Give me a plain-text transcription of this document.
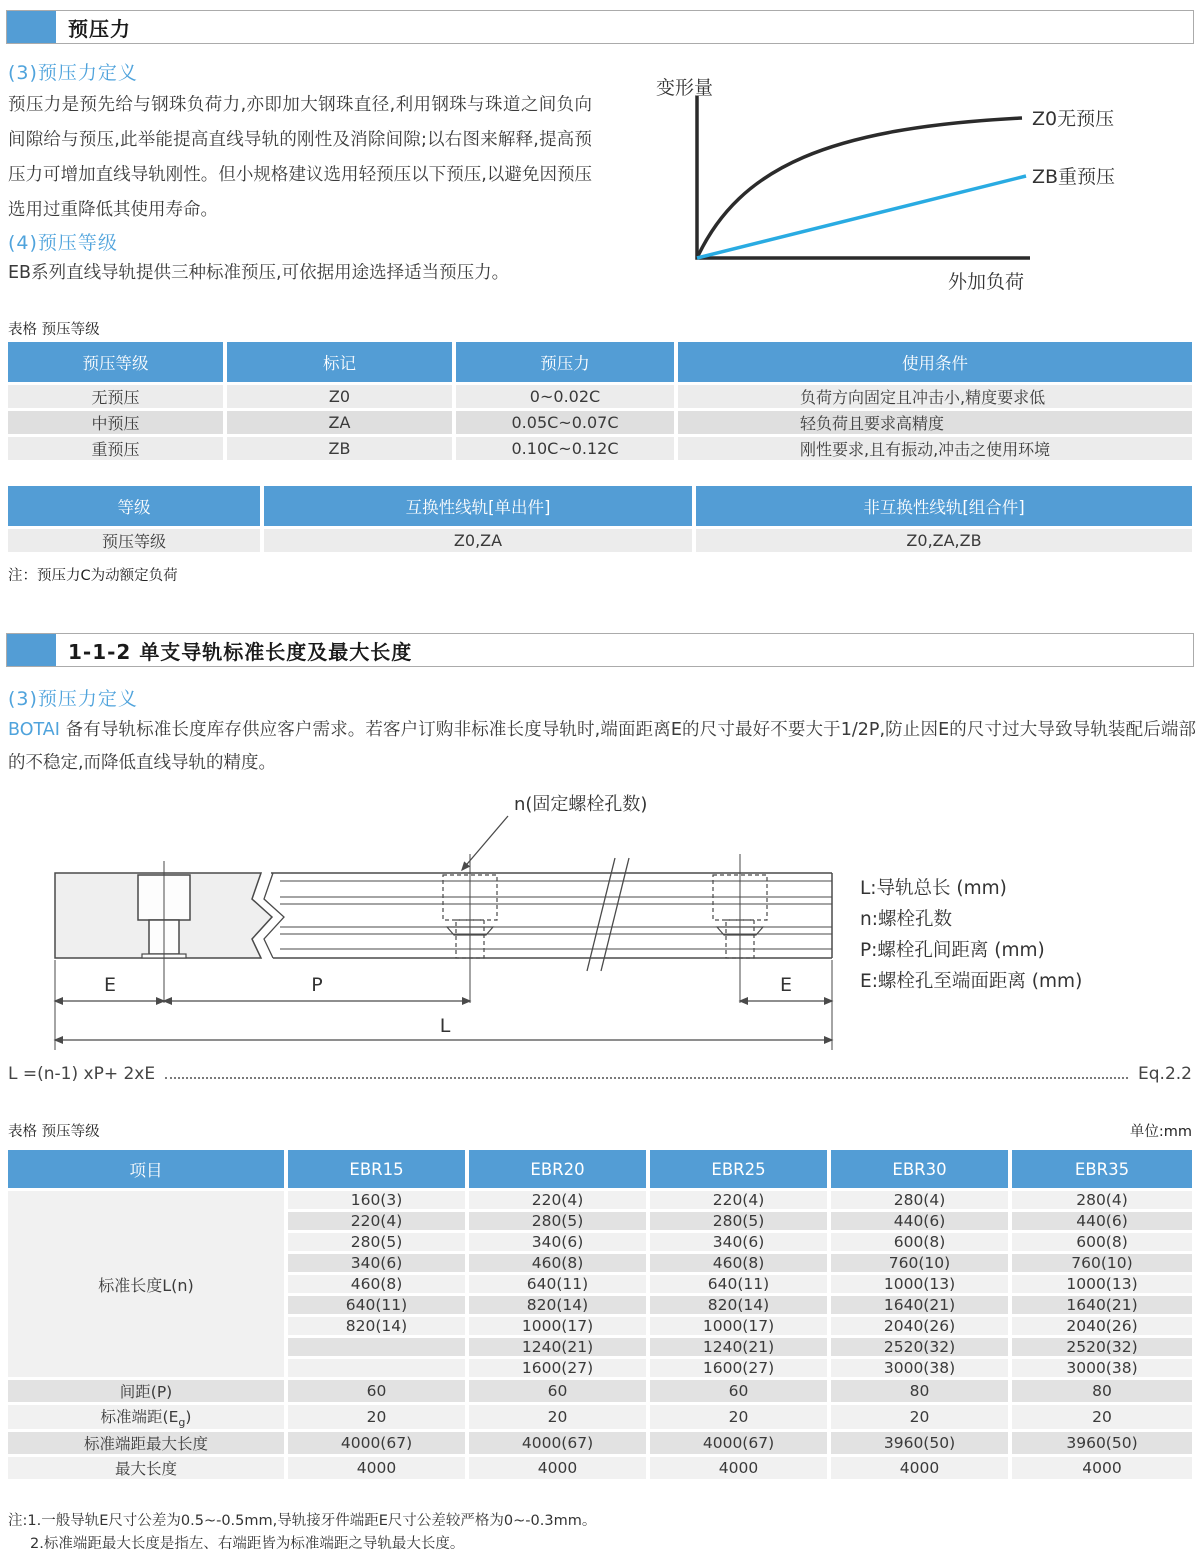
预压力
(3)预压力定义
预压力是预先给与钢珠负荷力,亦即加大钢珠直径,利用钢珠与珠道之间负向间隙给与预压,此举能提高直线导轨的刚性及消除间隙;以右图来解释,提高预压力可增加直线导轨刚性。但小规格建议选用轻预压以下预压,以避免因预压选用过重降低其使用寿命。
(4)预压等级
EB系列直线导轨提供三种标准预压,可依据用途选择适当预压力。
变形量
Z0无预压
ZB重预压
外加负荷
表格 预压等级
预压等级	标记	预压力	使用条件
无预压	Z0	0~0.02C	负荷方向固定且冲击小,精度要求低
中预压	ZA	0.05C~0.07C	轻负荷且要求高精度
重预压	ZB	0.10C~0.12C	刚性要求,且有振动,冲击之使用环境
等级	互换性线轨[单出件]	非互换性线轨[组合件]
预压等级	Z0,ZA	Z0,ZA,ZB
注：预压力C为动额定负荷
1-1-2 单支导轨标准长度及最大长度
(3)预压力定义
BOTAI 备有导轨标准长度库存供应客户需求。若客户订购非标准长度导轨时,端面距离E的尺寸最好不要大于1/2P,防止因E的尺寸过大导致导轨装配后端部的不稳定,而降低直线导轨的精度。
n(固定螺栓孔数)
E	P	E
L
L:导轨总长 (mm)
n:螺栓孔数
P:螺栓孔间距离 (mm)
E:螺栓孔至端面距离 (mm)
L =(n-1) xP+ 2xE	Eq.2.2
表格 预压等级	单位:mm
项目	EBR15	EBR20	EBR25	EBR30	EBR35
标准长度L(n)	160(3)	220(4)	220(4)	280(4)	280(4)
	220(4)	280(5)	280(5)	440(6)	440(6)
	280(5)	340(6)	340(6)	600(8)	600(8)
	340(6)	460(8)	460(8)	760(10)	760(10)
	460(8)	640(11)	640(11)	1000(13)	1000(13)
	640(11)	820(14)	820(14)	1640(21)	1640(21)
	820(14)	1000(17)	1000(17)	2040(26)	2040(26)
		1240(21)	1240(21)	2520(32)	2520(32)
		1600(27)	1600(27)	3000(38)	3000(38)
间距(P)	60	60	60	80	80
标准端距$(E_g)$	20	20	20	20	20
标准端距最大长度	4000(67)	4000(67)	4000(67)	3960(50)	3960(50)
最大长度	4000	4000	4000	4000	4000
注:1.一般导轨E尺寸公差为0.5~-0.5mm,导轨接牙件端距E尺寸公差较严格为0~-0.3mm。
2.标准端距最大长度是指左、右端距皆为标准端距之导轨最大长度。
